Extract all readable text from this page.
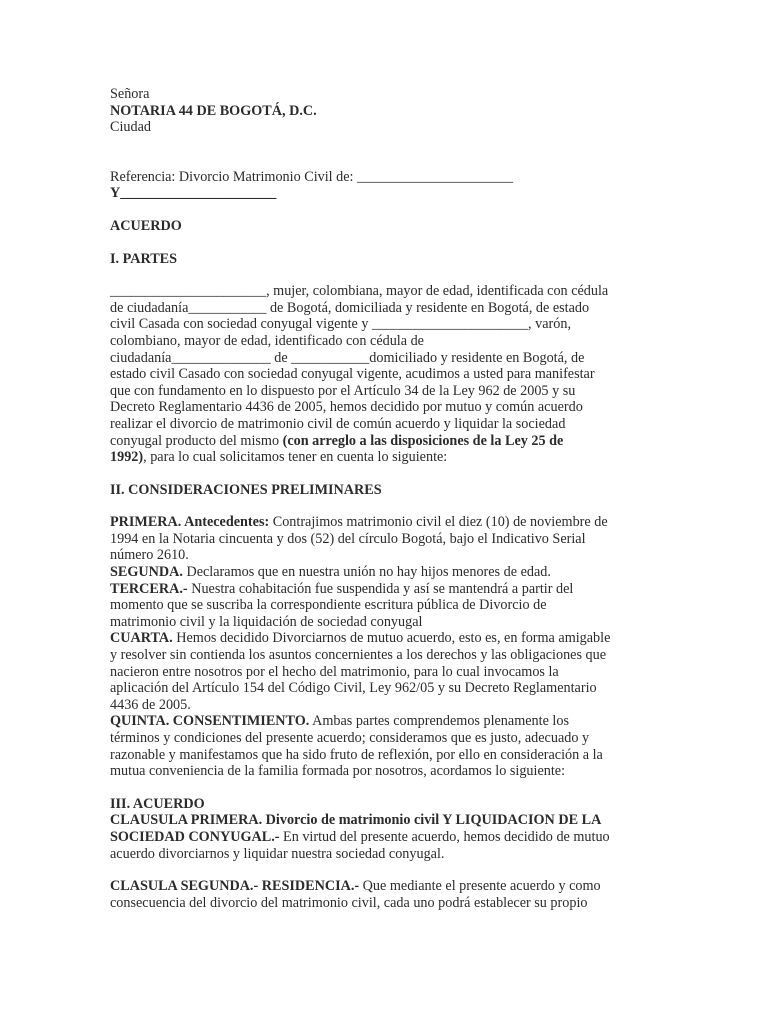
Señora
NOTARIA 44 DE BOGOTÁ, D.C.
Ciudad
Referencia: Divorcio Matrimonio Civil de: ______________________
Y______________________
ACUERDO
I. PARTES
______________________, mujer, colombiana, mayor de edad, identificada con cédula
de ciudadanía___________ de Bogotá, domiciliada y residente en Bogotá, de estado
civil Casada con sociedad conyugal vigente y ______________________, varón,
colombiano, mayor de edad, identificado con cédula de
ciudadanía______________ de ___________domiciliado y residente en Bogotá, de
estado civil Casado con sociedad conyugal vigente, acudimos a usted para manifestar
que con fundamento en lo dispuesto por el Artículo 34 de la Ley 962 de 2005 y su
Decreto Reglamentario 4436 de 2005, hemos decidido por mutuo y común acuerdo
realizar el divorcio de matrimonio civil de común acuerdo y liquidar la sociedad
conyugal producto del mismo (con arreglo a las disposiciones de la Ley 25 de
1992), para lo cual solicitamos tener en cuenta lo siguiente:
II. CONSIDERACIONES PRELIMINARES
PRIMERA. Antecedentes: Contrajimos matrimonio civil el diez (10) de noviembre de
1994 en la Notaria cincuenta y dos (52) del círculo Bogotá, bajo el Indicativo Serial
número 2610.
SEGUNDA. Declaramos que en nuestra unión no hay hijos menores de edad.
TERCERA.- Nuestra cohabitación fue suspendida y así se mantendrá a partir del
momento que se suscriba la correspondiente escritura pública de Divorcio de
matrimonio civil y la liquidación de sociedad conyugal
CUARTA. Hemos decidido Divorciarnos de mutuo acuerdo, esto es, en forma amigable
y resolver sin contienda los asuntos concernientes a los derechos y las obligaciones que
nacieron entre nosotros por el hecho del matrimonio, para lo cual invocamos la
aplicación del Artículo 154 del Código Civil, Ley 962/05 y su Decreto Reglamentario
4436 de 2005.
QUINTA. CONSENTIMIENTO. Ambas partes comprendemos plenamente los
términos y condiciones del presente acuerdo; consideramos que es justo, adecuado y
razonable y manifestamos que ha sido fruto de reflexión, por ello en consideración a la
mutua conveniencia de la familia formada por nosotros, acordamos lo siguiente:
III. ACUERDO
CLAUSULA PRIMERA. Divorcio de matrimonio civil Y LIQUIDACION DE LA
SOCIEDAD CONYUGAL.- En virtud del presente acuerdo, hemos decidido de mutuo
acuerdo divorciarnos y liquidar nuestra sociedad conyugal.
CLASULA SEGUNDA.- RESIDENCIA.- Que mediante el presente acuerdo y como
consecuencia del divorcio del matrimonio civil, cada uno podrá establecer su propio
